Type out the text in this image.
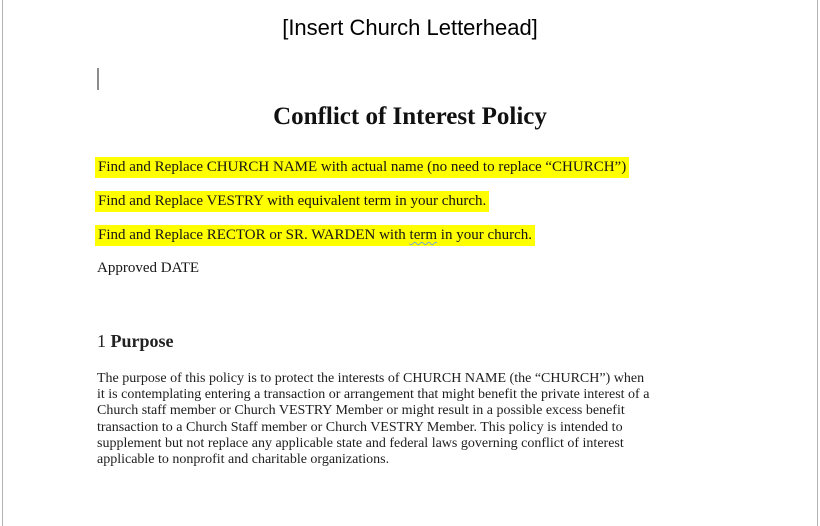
[Insert Church Letterhead]
Conflict of Interest Policy
Find and Replace CHURCH NAME with actual name (no need to replace “CHURCH”)
Find and Replace VESTRY with equivalent term in your church.
Find and Replace RECTOR or SR. WARDEN with term in your church.
Approved DATE
1 Purpose
The purpose of this policy is to protect the interests of CHURCH NAME (the “CHURCH”) when
it is contemplating entering a transaction or arrangement that might benefit the private interest of a
Church staff member or Church VESTRY Member or might result in a possible excess benefit
transaction to a Church Staff member or Church VESTRY Member. This policy is intended to
supplement but not replace any applicable state and federal laws governing conflict of interest
applicable to nonprofit and charitable organizations.
